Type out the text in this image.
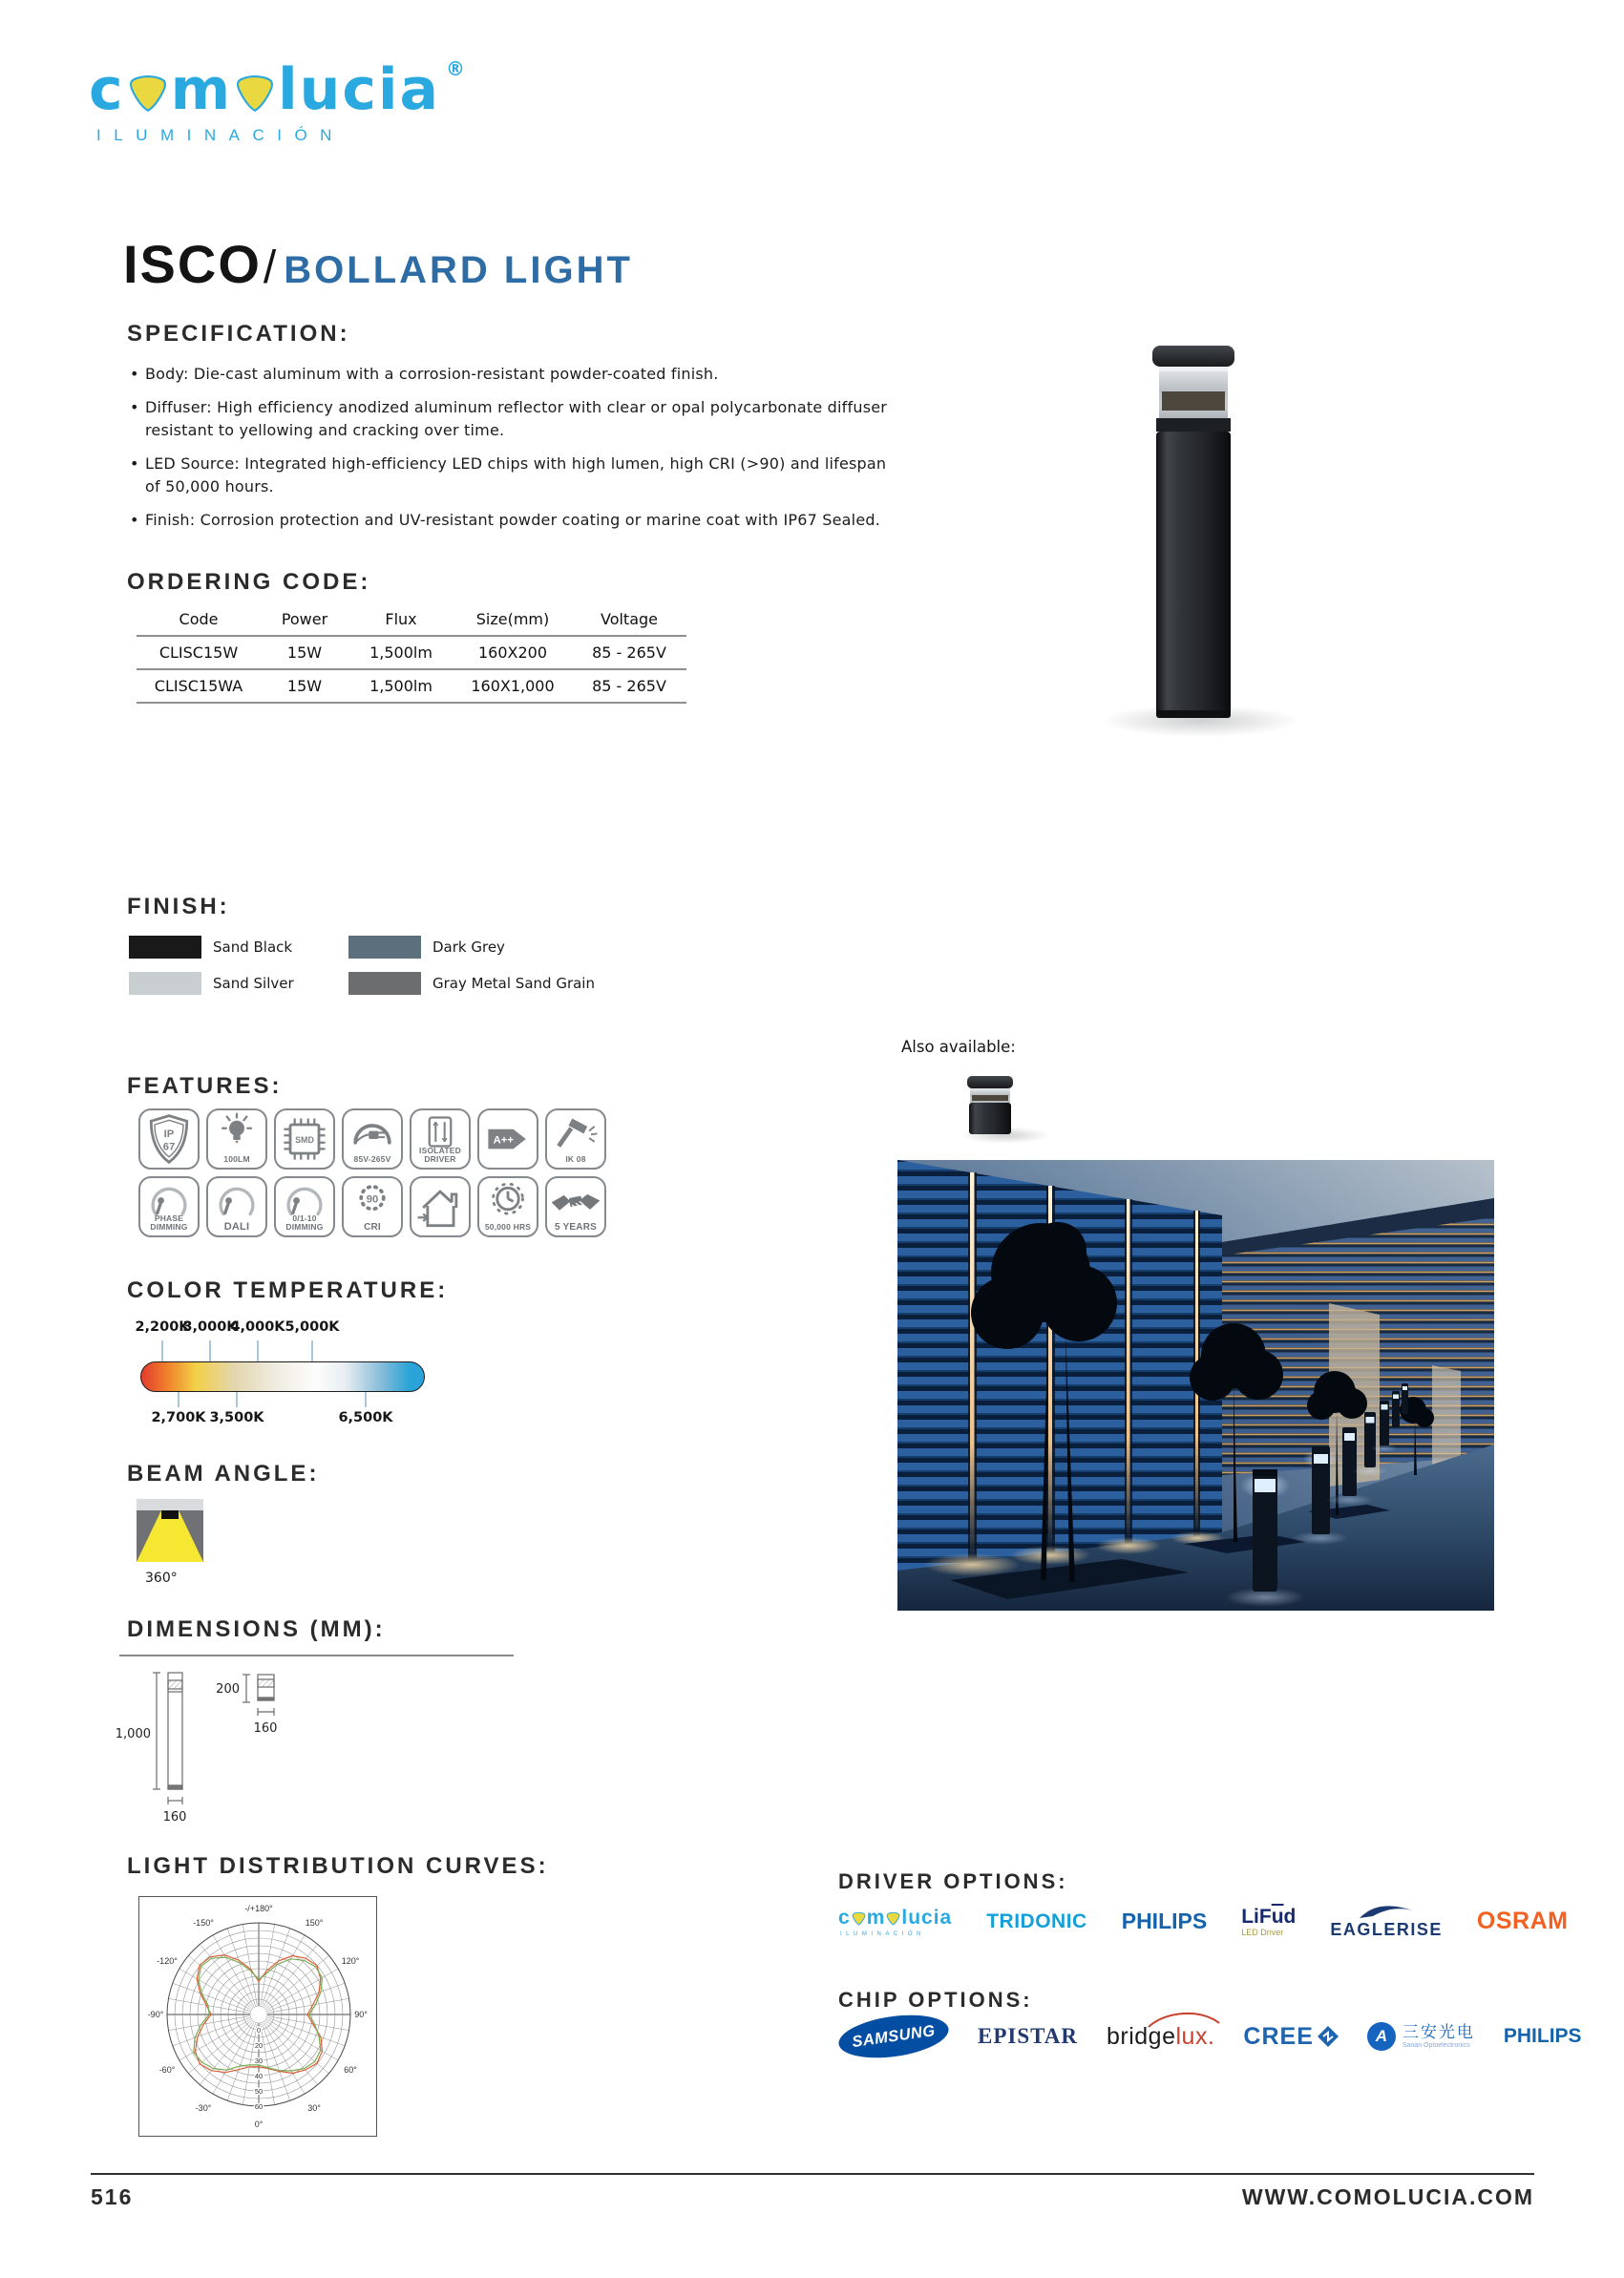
c m lucia ®
ILUMINACIÓN
ISCO / BOLLARD LIGHT
SPECIFICATION:
• Body: Die-cast aluminum with a corrosion-resistant powder-coated finish.
• Diffuser: High efficiency anodized aluminum reflector with clear or opal polycarbonate diffuser resistant to yellowing and cracking over time.
• LED Source: Integrated high-efficiency LED chips with high lumen, high CRI (>90) and lifespan of 50,000 hours.
• Finish: Corrosion protection and UV-resistant powder coating or marine coat with IP67 Sealed.
ORDERING CODE:
Code	Power	Flux	Size(mm)	Voltage
CLISC15W	15W	1,500lm	160X200	85 - 265V
CLISC15WA	15W	1,500lm	160X1,000	85 - 265V
FINISH:
Sand Black	Dark Grey
Sand Silver	Gray Metal Sand Grain
FEATURES:
IP
67
100LM
SMD
85V-265V
ISOLATED DRIVER
A++
IK 08
PHASE DIMMING	DALI
0/1-10 DIMMING
90
CRI	50,000 HRS	5 YEARS
COLOR TEMPERATURE:
2,200K
3,000K
4,000K 5,000K
2,700K 3,500K	6,500K
BEAM ANGLE:
360°
DIMENSIONS (MM):
1,000
160
200
160
LIGHT DISTRIBUTION CURVES:
-/+180°
150°
120°
90°
60°
30°
0°
-30°
-60°
-90°
-120°
-150°
0
20
30
40
50
60
Also available:
DRIVER OPTIONS:
c m lucia
ILUMINACIÓN
TRIDONIC PHILIPS $LiF\overline{u}d$
LED Driver	EAGLERISE OSRAM
CHIP OPTIONS:
SAMSUNG EPISTAR bridgelux. CREE	A 三安光电
Sanan Optoelectronics PHILIPS
516	WWW.COMOLUCIA.COM
